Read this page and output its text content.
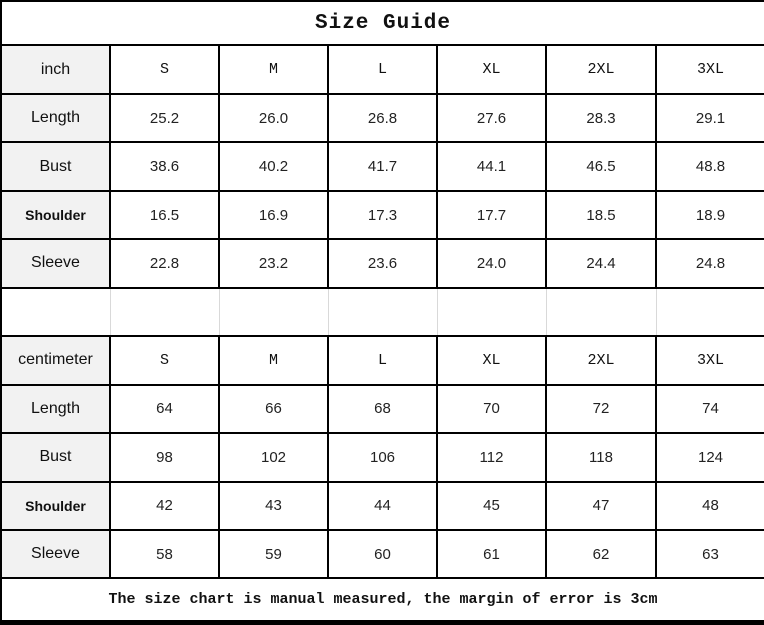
Size Guide						
inch	S	M	L	XL	2XL	3XL
Length	25.2	26.0	26.8	27.6	28.3	29.1
Bust	38.6	40.2	41.7	44.1	46.5	48.8
Shoulder	16.5	16.9	17.3	17.7	18.5	18.9
Sleeve	22.8	23.2	23.6	24.0	24.4	24.8

centimeter	S	M	L	XL	2XL	3XL
Length	64	66	68	70	72	74
Bust	98	102	106	112	118	124
Shoulder	42	43	44	45	47	48
Sleeve	58	59	60	61	62	63
The size chart is manual measured, the margin of error is 3cm						
